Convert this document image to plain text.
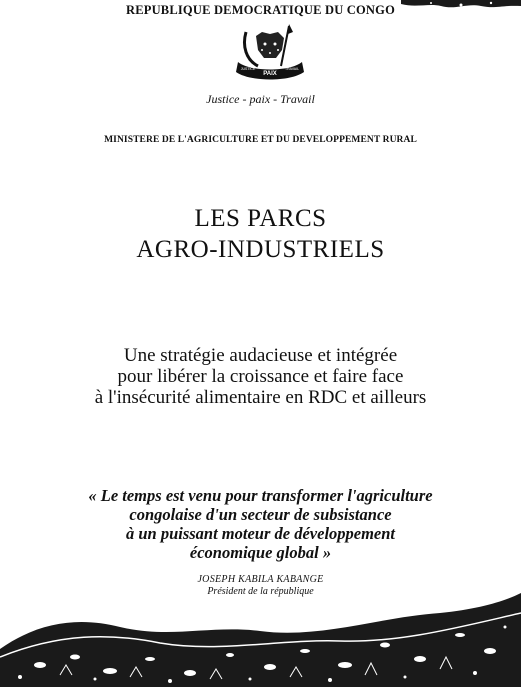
REPUBLIQUE DEMOCRATIQUE DU CONGO
PAIX
JUSTICE	TRAVAIL
Justice - paix - Travail
MINISTERE DE L'AGRICULTURE ET DU DEVELOPPEMENT RURAL
LES PARCS
AGRO-INDUSTRIELS
Une stratégie audacieuse et intégrée
pour libérer la croissance et faire face
à l'insécurité alimentaire en RDC et ailleurs
« Le temps est venu pour transformer l'agriculture
congolaise d'un secteur de subsistance
à un puissant moteur de développement
économique global »
JOSEPH KABILA KABANGE
Président de la république
